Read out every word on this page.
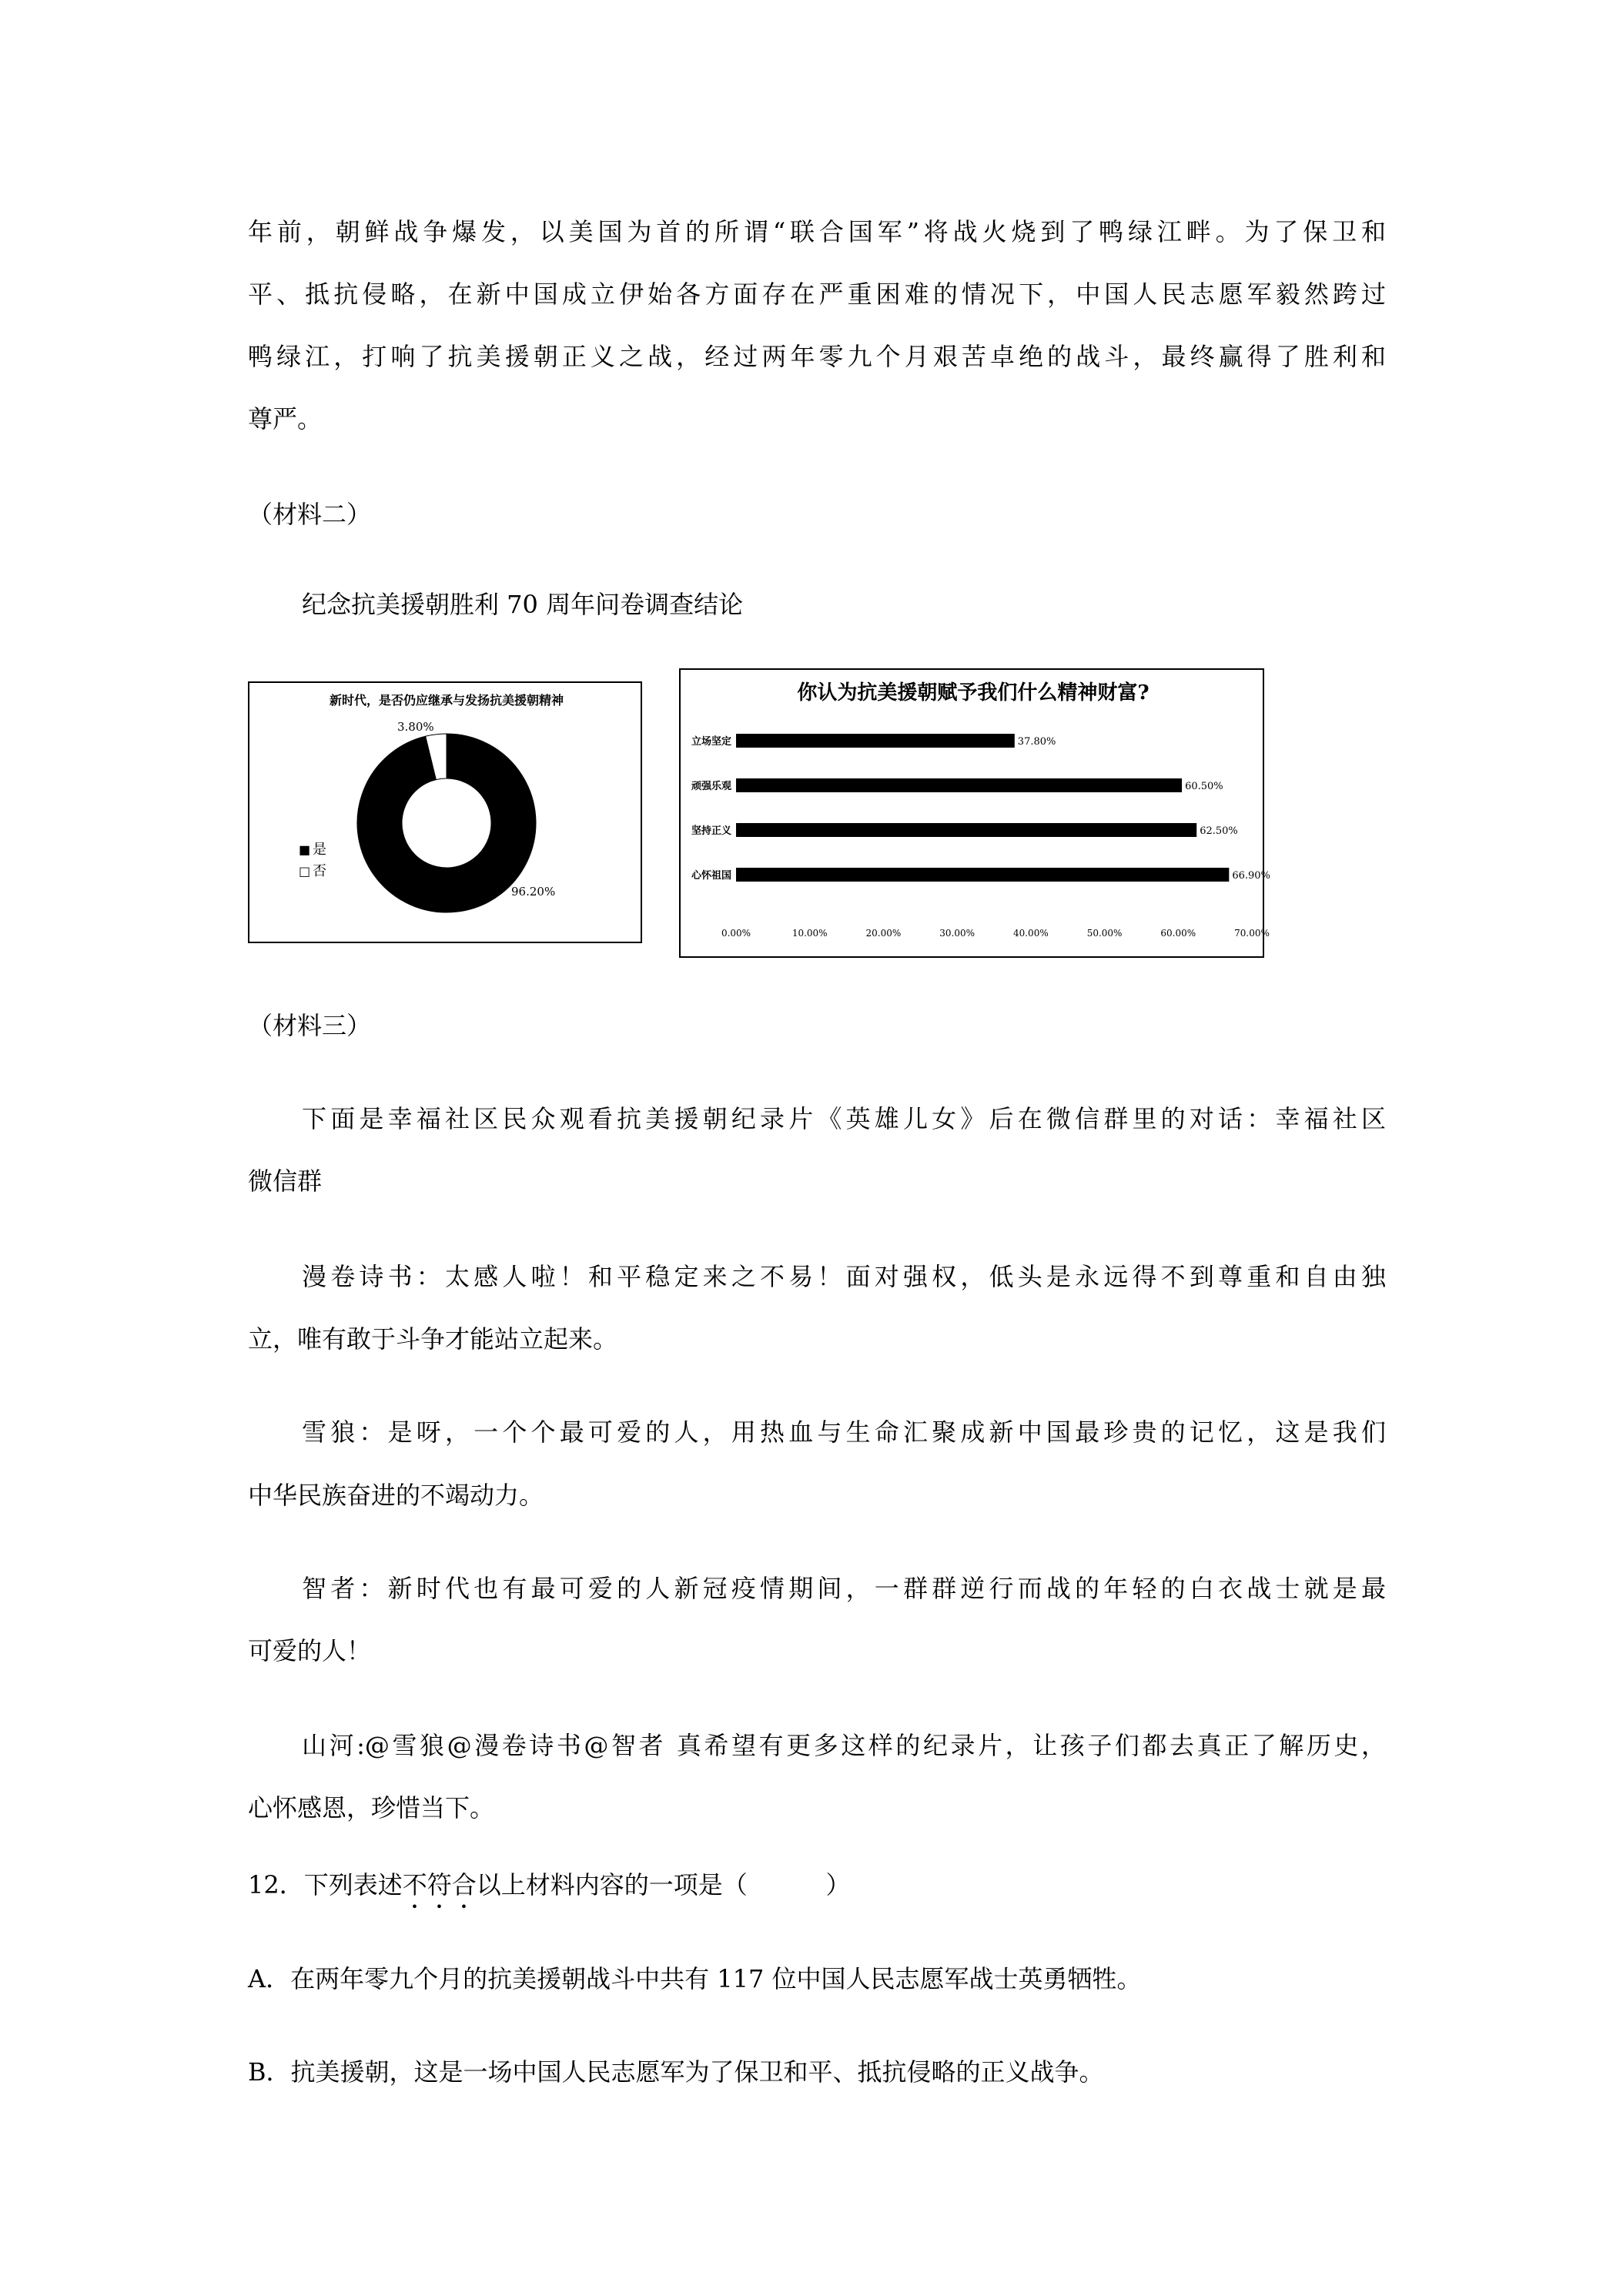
年前，朝鲜战争爆发，以美国为首的所谓“联合国军”将战火烧到了鸭绿江畔。为了保卫和
平、抵抗侵略，在新中国成立伊始各方面存在严重困难的情况下，中国人民志愿军毅然跨过
鸭绿江，打响了抗美援朝正义之战，经过两年零九个月艰苦卓绝的战斗，最终赢得了胜利和
尊严。
（材料二）
纪念抗美援朝胜利 70 周年问卷调查结论
新时代，是否仍应继承与发扬抗美援朝精神
3.80%
96.20%
■ 是
□ 否
你认为抗美援朝赋予我们什么精神财富?
立场坚定	37.80%
顽强乐观	60.50%
坚持正义	62.50%
心怀祖国	66.90%
0.00%	10.00%	20.00%	30.00%	40.00%	50.00%	60.00%	70.00%
（材料三）
下面是幸福社区民众观看抗美援朝纪录片《英雄儿女》后在微信群里的对话：幸福社区
微信群
漫卷诗书：太感人啦！和平稳定来之不易！面对强权，低头是永远得不到尊重和自由独
立，唯有敢于斗争才能站立起来。
雪狼：是呀，一个个最可爱的人，用热血与生命汇聚成新中国最珍贵的记忆，这是我们
中华民族奋进的不竭动力。
智者：新时代也有最可爱的人新冠疫情期间，一群群逆行而战的年轻的白衣战士就是最
可爱的人！
山河:@雪狼@漫卷诗书@智者 真希望有更多这样的纪录片，让孩子们都去真正了解历史，
心怀感恩，珍惜当下。
12．下列表述不符合以上材料内容的一项是（          ）
A．在两年零九个月的抗美援朝战斗中共有 117 位中国人民志愿军战士英勇牺牲。
B．抗美援朝，这是一场中国人民志愿军为了保卫和平、抵抗侵略的正义战争。
